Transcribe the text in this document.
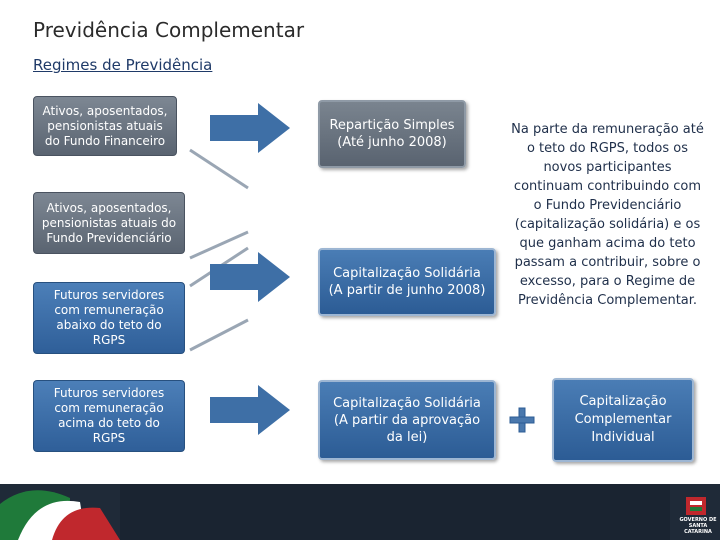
Previdência Complementar
Regimes de Previdência
Ativos, aposentados, pensionistas atuais do Fundo Financeiro
Ativos, aposentados, pensionistas atuais do Fundo Previdenciário
Futuros servidores com remuneração abaixo do teto do RGPS
Futuros servidores com remuneração acima do teto do RGPS
Repartição Simples
(Até junho 2008)
Capitalização Solidária
(A partir de junho 2008)
Capitalização Solidária
(A partir da aprovação da lei)
Na parte da remuneração até o teto do RGPS, todos os novos participantes continuam contribuindo com o Fundo Previdenciário (capitalização solidária) e os que ganham acima do teto passam a contribuir, sobre o excesso, para o Regime de Previdência Complementar.
Capitalização
Complementar
Individual
GOVERNO DE SANTA CATARINA
